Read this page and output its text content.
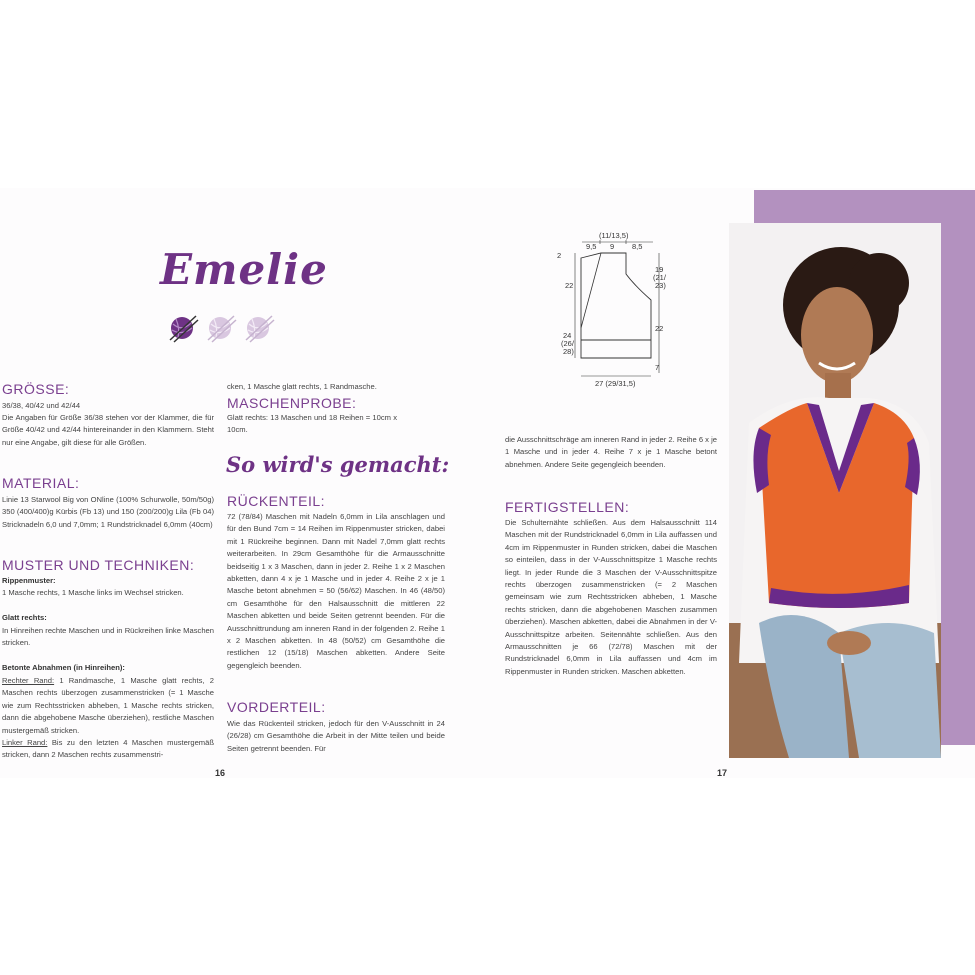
Emelie
GRÖSSE:

36/38, 40/42 und 42/44

Die Angaben für Größe 36/38 stehen vor der Klammer, die für Größe 40/42 und 42/44 hintereinander in den Klammern. Steht nur eine Angabe, gilt diese für alle Größen.

MATERIAL:

Linie 13 Starwool Big von ONline (100% Schurwolle, 50m/50g) 350 (400/400)g Kürbis (Fb 13) und 150 (200/200)g Lila (Fb 04) Stricknadeln 6,0 und 7,0mm; 1 Rundstricknadel 6,0mm (40cm)

MUSTER UND TECHNIKEN:

Rippenmuster:

1 Masche rechts, 1 Masche links im Wechsel stricken.

Glatt rechts:

In Hinreihen rechte Maschen und in Rückreihen linke Maschen stricken.

Betonte Abnahmen (in Hinreihen):

Rechter Rand: 1 Randmasche, 1 Masche glatt rechts, 2 Maschen rechts überzogen zusammenstricken (= 1 Masche wie zum Rechtsstricken abheben, 1 Masche rechts stricken, dann die abgehobene Masche überziehen), restliche Maschen mustergemäß stricken.

Linker Rand: Bis zu den letzten 4 Maschen mustergemäß stricken, dann 2 Maschen rechts zusammenstri-

cken, 1 Masche glatt rechts, 1 Randmasche.

MASCHENPROBE:

Glatt rechts: 13 Maschen und 18 Reihen = 10cm x 10cm.

So wird's gemacht:
RÜCKENTEIL:

72 (78/84) Maschen mit Nadeln 6,0mm in Lila anschlagen und für den Bund 7cm = 14 Reihen im Rippenmuster stricken, dabei mit 1 Rückreihe beginnen. Dann mit Nadel 7,0mm glatt rechts weiterarbeiten. In 29cm Gesamthöhe für die Armausschnitte beidseitig 1 x 3 Maschen, dann in jeder 2. Reihe 1 x 2 Maschen abketten, dann 4 x je 1 Masche und in jeder 4. Reihe 2 x je 1 Masche betont abnehmen = 50 (56/62) Maschen. In 46 (48/50) cm Gesamthöhe für den Halsausschnitt die mittleren 22 Maschen abketten und beide Seiten getrennt beenden. Für die Ausschnittrundung am inneren Rand in der folgenden 2. Reihe 1 x 2 Maschen abketten. In 48 (50/52) cm Gesamthöhe die restlichen 12 (15/18) Maschen abketten. Andere Seite gegengleich beenden.

VORDERTEIL:

Wie das Rückenteil stricken, jedoch für den V-Ausschnitt in 24 (26/28) cm Gesamthöhe die Arbeit in der Mitte teilen und beide Seiten getrennt beenden. Für

16
(11/13,5)
9,5 9 8,5
2
22
24
(26/
28)
19
(21/
23)
22
7
27 (29/31,5)

die Ausschnittschräge am inneren Rand in jeder 2. Reihe 6 x je 1 Masche und in jeder 4. Reihe 7 x je 1 Masche betont abnehmen. Andere Seite gegengleich beenden.

FERTIGSTELLEN:

Die Schulternähte schließen. Aus dem Halsausschnitt 114 Maschen mit der Rundstricknadel 6,0mm in Lila auffassen und 4cm im Rippenmuster in Runden stricken, dabei die Maschen so einteilen, dass in der V-Ausschnittspitze 1 Masche rechts liegt. In jeder Runde die 3 Maschen der V-Ausschnittspitze rechts überzogen zusammenstricken (= 2 Maschen gemeinsam wie zum Rechtsstricken abheben, 1 Masche rechts stricken, dann die abgehobenen Maschen zusammen überziehen). Maschen abketten, dabei die Abnahmen in der V-Ausschnittspitze arbeiten. Seitennähte schließen. Aus den Armausschnitten je 66 (72/78) Maschen mit der Rundstricknadel 6,0mm in Lila auffassen und 4cm im Rippenmuster in Runden stricken. Maschen abketten.

17
